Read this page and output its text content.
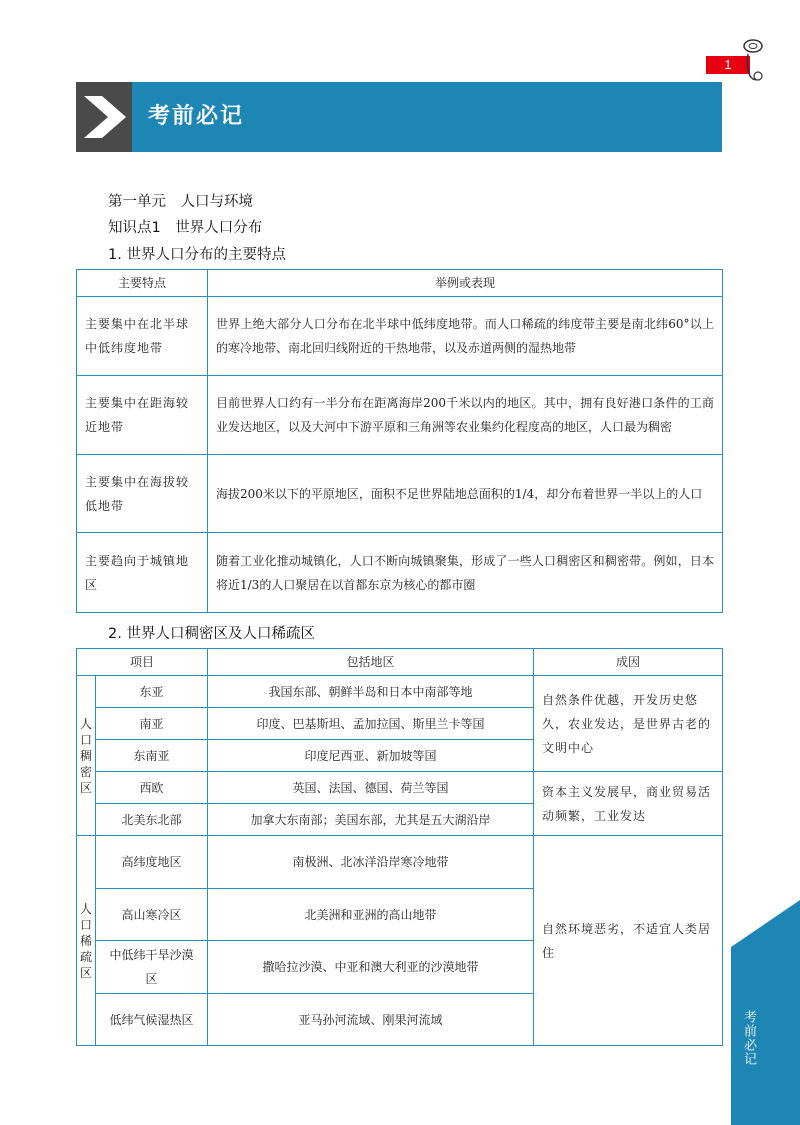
1
考前必记
第一单元　人口与环境
知识点1　世界人口分布
1. 世界人口分布的主要特点
主要特点	举例或表现
主要集中在北半球中低纬度地带	世界上绝大部分人口分布在北半球中低纬度地带。而人口稀疏的纬度带主要是南北纬60°以上的寒冷地带、南北回归线附近的干热地带，以及赤道两侧的湿热地带
主要集中在距海较近地带	目前世界人口约有一半分布在距离海岸200千米以内的地区。其中，拥有良好港口条件的工商业发达地区，以及大河中下游平原和三角洲等农业集约化程度高的地区，人口最为稠密
主要集中在海拔较低地带	海拔200米以下的平原地区，面积不足世界陆地总面积的1/4，却分布着世界一半以上的人口
主要趋向于城镇地区	随着工业化推动城镇化，人口不断向城镇聚集，形成了一些人口稠密区和稠密带。例如，日本将近1/3的人口聚居在以首都东京为核心的都市圈
2. 世界人口稠密区及人口稀疏区
项目		包括地区	成因
人口稠密区	东亚	我国东部、朝鲜半岛和日本中南部等地	自然条件优越，开发历史悠久，农业发达，是世界古老的文明中心
	南亚	印度、巴基斯坦、孟加拉国、斯里兰卡等国	
	东南亚	印度尼西亚、新加坡等国	
	西欧	英国、法国、德国、荷兰等国	资本主义发展早，商业贸易活动频繁，工业发达
	北美东北部	加拿大东南部；美国东部，尤其是五大湖沿岸	
人口稀疏区	高纬度地区	南极洲、北冰洋沿岸寒冷地带	自然环境恶劣，不适宜人类居住
	高山寒冷区	北美洲和亚洲的高山地带	
	中低纬干旱沙漠区	撒哈拉沙漠、中亚和澳大利亚的沙漠地带	
	低纬气候湿热区	亚马孙河流域、刚果河流域		考前必记
